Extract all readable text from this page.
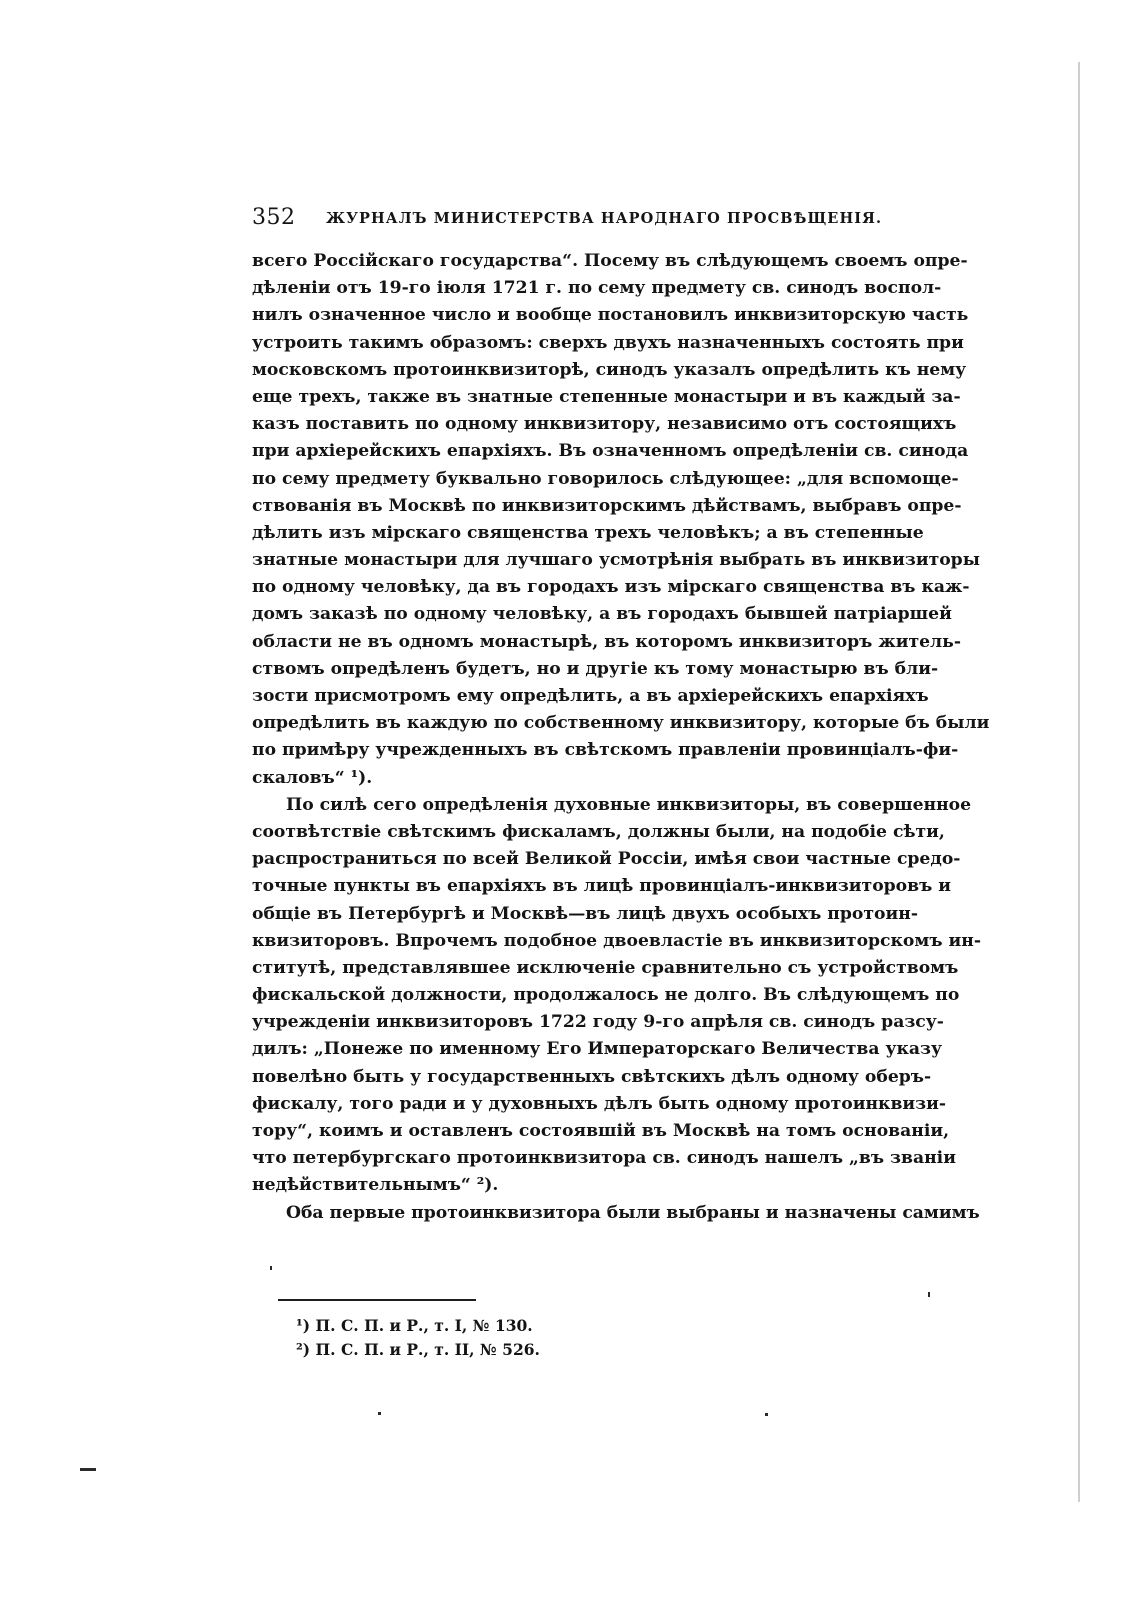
352 ЖУРНАЛЪ МИНИСТЕРСТВА НАРОДНАГО ПРОСВѢЩЕНІЯ.
всего Россійскаго государства“. Посему въ слѣдующемъ своемъ опре-
дѣленіи отъ 19-го іюля 1721 г. по сему предмету св. синодъ воспол-
нилъ означенное число и вообще постановилъ инквизиторскую часть
устроить такимъ образомъ: сверхъ двухъ назначенныхъ состоять при
московскомъ протоинквизиторѣ, синодъ указалъ опредѣлить къ нему
еще трехъ, также въ знатные степенные монастыри и въ каждый за-
казъ поставить по одному инквизитору, независимо отъ состоящихъ
при архіерейскихъ епархіяхъ. Въ означенномъ опредѣленіи св. синода
по сему предмету буквально говорилось слѣдующее: „для вспомоще-
ствованія въ Москвѣ по инквизиторскимъ дѣйствамъ, выбравъ опре-
дѣлить изъ мірскаго священства трехъ человѣкъ; а въ степенные
знатные монастыри для лучшаго усмотрѣнія выбрать въ инквизиторы
по одному человѣку, да въ городахъ изъ мірскаго священства въ каж-
домъ заказѣ по одному человѣку, а въ городахъ бывшей патріаршей
области не въ одномъ монастырѣ, въ которомъ инквизиторъ житель-
ствомъ опредѣленъ будетъ, но и другіе къ тому монастырю въ бли-
зости присмотромъ ему опредѣлить, а въ архіерейскихъ епархіяхъ
опредѣлить въ каждую по собственному инквизитору, которые бъ были
по примѣру учрежденныхъ въ свѣтскомъ правленіи провинціалъ-фи-
скаловъ“ ¹).
По силѣ сего опредѣленія духовные инквизиторы, въ совершенное
соотвѣтствіе свѣтскимъ фискаламъ, должны были, на подобіе сѣти,
распространиться по всей Великой Россіи, имѣя свои частные средо-
точные пункты въ епархіяхъ въ лицѣ провинціалъ-инквизиторовъ и
общіе въ Петербургѣ и Москвѣ—въ лицѣ двухъ особыхъ протоин-
квизиторовъ. Впрочемъ подобное двоевластіе въ инквизиторскомъ ин-
ститутѣ, представлявшее исключеніе сравнительно съ устройствомъ
фискальской должности, продолжалось не долго. Въ слѣдующемъ по
учрежденіи инквизиторовъ 1722 году 9-го апрѣля св. синодъ разсу-
дилъ: „Понеже по именному Его Императорскаго Величества указу
повелѣно быть у государственныхъ свѣтскихъ дѣлъ одному оберъ-
фискалу, того ради и у духовныхъ дѣлъ быть одному протоинквизи-
тору“, коимъ и оставленъ состоявшій въ Москвѣ на томъ основаніи,
что петербургскаго протоинквизитора св. синодъ нашелъ „въ званіи
недѣйствительнымъ“ ²).
Оба первые протоинквизитора были выбраны и назначены самимъ
¹) П. С. П. и Р., т. I, № 130.
²) П. С. П. и Р., т. II, № 526.
